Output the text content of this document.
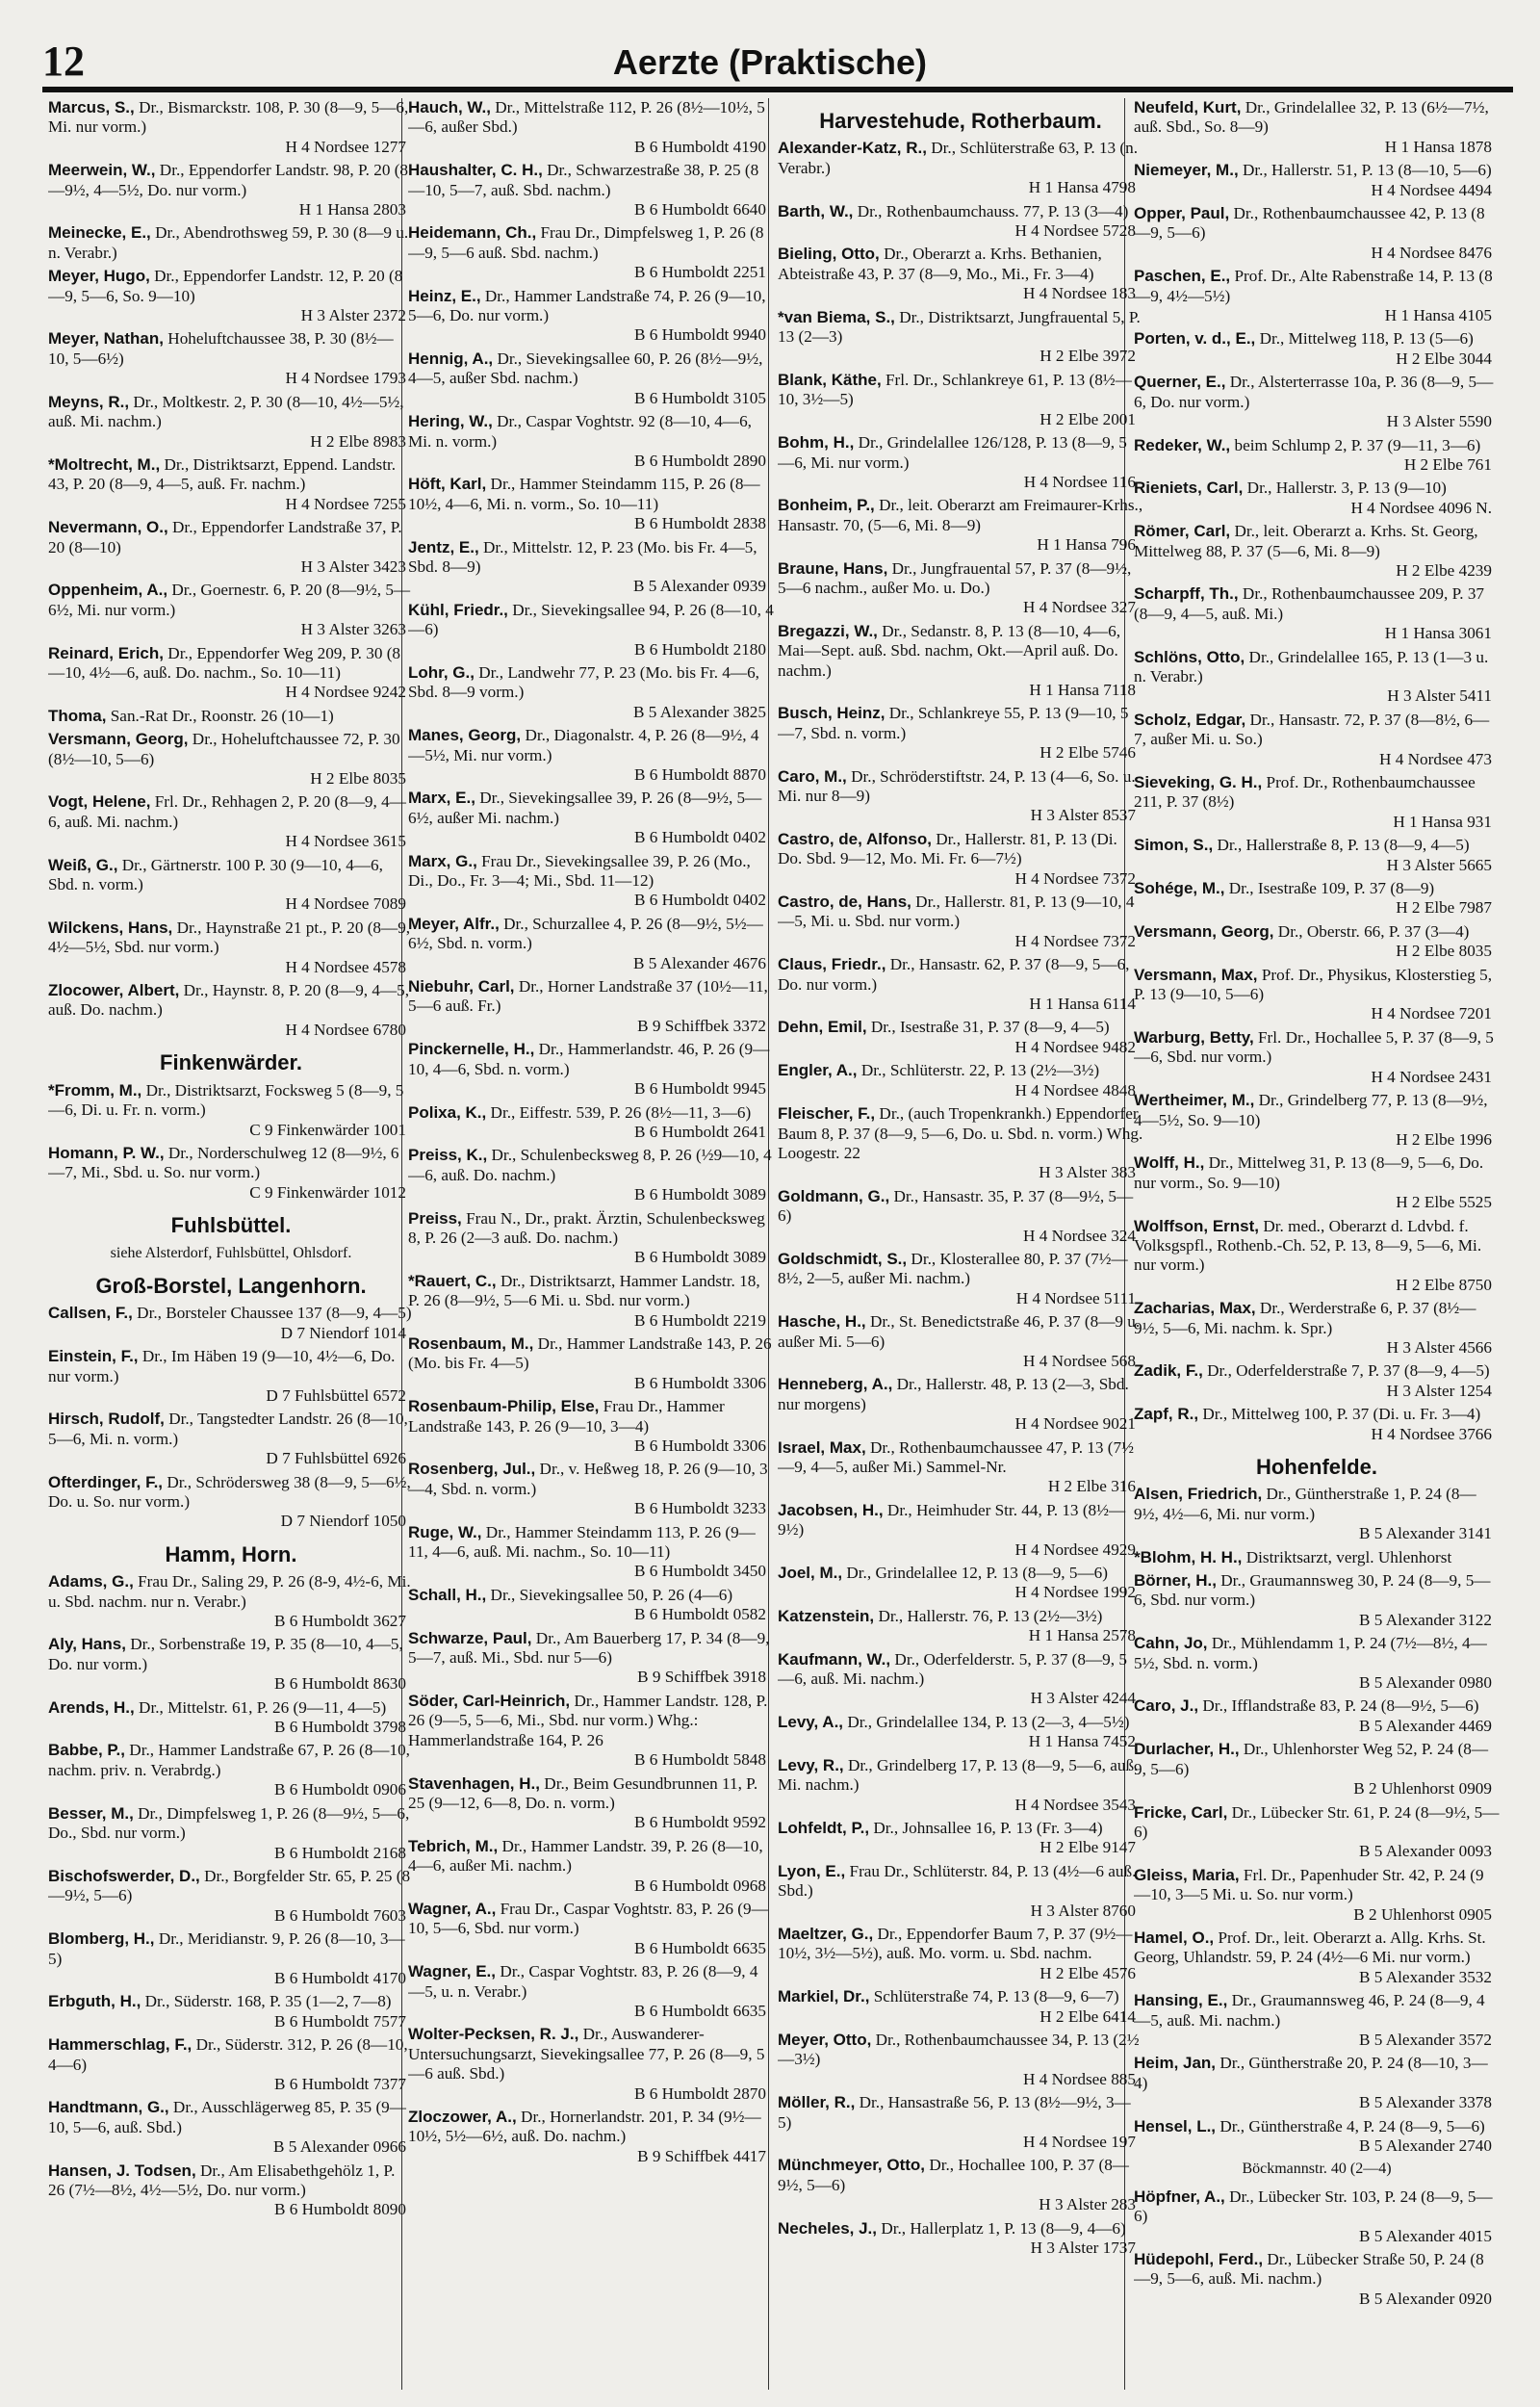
12	Aerzte (Praktische)
Marcus, S., Dr., Bismarckstr. 108, P. 30 (8—9, 5—6, Mi. nur vorm.)
H 4 Nordsee 1277
Meerwein, W., Dr., Eppendorfer Landstr. 98, P. 20 (8—9½, 4—5½, Do. nur vorm.)
H 1 Hansa 2803
Meinecke, E., Dr., Abendrothsweg 59, P. 30 (8—9 u. n. Verabr.)
Meyer, Hugo, Dr., Eppendorfer Landstr. 12, P. 20 (8—9, 5—6, So. 9—10)
H 3 Alster 2372
Meyer, Nathan, Hoheluftchaussee 38, P. 30 (8½—10, 5—6½)
H 4 Nordsee 1793
Meyns, R., Dr., Moltkestr. 2, P. 30 (8—10, 4½—5½, auß. Mi. nachm.)
H 2 Elbe 8983
*Moltrecht, M., Dr., Distriktsarzt, Eppend. Landstr. 43, P. 20 (8—9, 4—5, auß. Fr. nachm.)
H 4 Nordsee 7255
Nevermann, O., Dr., Eppendorfer Landstraße 37, P. 20 (8—10)
H 3 Alster 3423
Oppenheim, A., Dr., Goernestr. 6, P. 20 (8—9½, 5—6½, Mi. nur vorm.)
H 3 Alster 3263
Reinard, Erich, Dr., Eppendorfer Weg 209, P. 30 (8—10, 4½—6, auß. Do. nachm., So. 10—11)
H 4 Nordsee 9242
Thoma, San.-Rat Dr., Roonstr. 26 (10—1)
Versmann, Georg, Dr., Hoheluftchaussee 72, P. 30 (8½—10, 5—6)
H 2 Elbe 8035
Vogt, Helene, Frl. Dr., Rehhagen 2, P. 20 (8—9, 4—6, auß. Mi. nachm.)
H 4 Nordsee 3615
Weiß, G., Dr., Gärtnerstr. 100 P. 30 (9—10, 4—6, Sbd. n. vorm.)
H 4 Nordsee 7089
Wilckens, Hans, Dr., Haynstraße 21 pt., P. 20 (8—9, 4½—5½, Sbd. nur vorm.)
H 4 Nordsee 4578
Zlocower, Albert, Dr., Haynstr. 8, P. 20 (8—9, 4—5, auß. Do. nachm.)
H 4 Nordsee 6780
Finkenwärder.
*Fromm, M., Dr., Distriktsarzt, Focksweg 5 (8—9, 5—6, Di. u. Fr. n. vorm.)
C 9 Finkenwärder 1001
Homann, P. W., Dr., Norderschulweg 12 (8—9½, 6—7, Mi., Sbd. u. So. nur vorm.)
C 9 Finkenwärder 1012
Fuhlsbüttel.
siehe Alsterdorf, Fuhlsbüttel, Ohlsdorf.
Groß-Borstel, Langenhorn.
Callsen, F., Dr., Borsteler Chaussee 137 (8—9, 4—5)
D 7 Niendorf 1014
Einstein, F., Dr., Im Häben 19 (9—10, 4½—6, Do. nur vorm.)
D 7 Fuhlsbüttel 6572
Hirsch, Rudolf, Dr., Tangstedter Landstr. 26 (8—10, 5—6, Mi. n. vorm.)
D 7 Fuhlsbüttel 6926
Ofterdinger, F., Dr., Schrödersweg 38 (8—9, 5—6½, Do. u. So. nur vorm.)
D 7 Niendorf 1050
Hamm, Horn.
Adams, G., Frau Dr., Saling 29, P. 26 (8-9, 4½-6, Mi. u. Sbd. nachm. nur n. Verabr.)
B 6 Humboldt 3627
Aly, Hans, Dr., Sorbenstraße 19, P. 35 (8—10, 4—5, Do. nur vorm.)
B 6 Humboldt 8630
Arends, H., Dr., Mittelstr. 61, P. 26 (9—11, 4—5)
B 6 Humboldt 3798
Babbe, P., Dr., Hammer Landstraße 67, P. 26 (8—10, nachm. priv. n. Verabrdg.)
B 6 Humboldt 0906
Besser, M., Dr., Dimpfelsweg 1, P. 26 (8—9½, 5—6, Do., Sbd. nur vorm.)
B 6 Humboldt 2168
Bischofswerder, D., Dr., Borgfelder Str. 65, P. 25 (8—9½, 5—6)
B 6 Humboldt 7603
Blomberg, H., Dr., Meridianstr. 9, P. 26 (8—10, 3—5)
B 6 Humboldt 4170
Erbguth, H., Dr., Süderstr. 168, P. 35 (1—2, 7—8)
B 6 Humboldt 7577
Hammerschlag, F., Dr., Süderstr. 312, P. 26 (8—10, 4—6)
B 6 Humboldt 7377
Handtmann, G., Dr., Ausschlägerweg 85, P. 35 (9—10, 5—6, auß. Sbd.)
B 5 Alexander 0966
Hansen, J. Todsen, Dr., Am Elisabethgehölz 1, P. 26 (7½—8½, 4½—5½, Do. nur vorm.)
B 6 Humboldt 8090
Hauch, W., Dr., Mittelstraße 112, P. 26 (8½—10½, 5—6, außer Sbd.)
B 6 Humboldt 4190
Haushalter, C. H., Dr., Schwarzestraße 38, P. 25 (8—10, 5—7, auß. Sbd. nachm.)
B 6 Humboldt 6640
Heidemann, Ch., Frau Dr., Dimpfelsweg 1, P. 26 (8—9, 5—6 auß. Sbd. nachm.)
B 6 Humboldt 2251
Heinz, E., Dr., Hammer Landstraße 74, P. 26 (9—10, 5—6, Do. nur vorm.)
B 6 Humboldt 9940
Hennig, A., Dr., Sievekingsallee 60, P. 26 (8½—9½, 4—5, außer Sbd. nachm.)
B 6 Humboldt 3105
Hering, W., Dr., Caspar Voghtstr. 92 (8—10, 4—6, Mi. n. vorm.)
B 6 Humboldt 2890
Höft, Karl, Dr., Hammer Steindamm 115, P. 26 (8—10½, 4—6, Mi. n. vorm., So. 10—11)
B 6 Humboldt 2838
Jentz, E., Dr., Mittelstr. 12, P. 23 (Mo. bis Fr. 4—5, Sbd. 8—9)
B 5 Alexander 0939
Kühl, Friedr., Dr., Sievekingsallee 94, P. 26 (8—10, 4—6)
B 6 Humboldt 2180
Lohr, G., Dr., Landwehr 77, P. 23 (Mo. bis Fr. 4—6, Sbd. 8—9 vorm.)
B 5 Alexander 3825
Manes, Georg, Dr., Diagonalstr. 4, P. 26 (8—9½, 4—5½, Mi. nur vorm.)
B 6 Humboldt 8870
Marx, E., Dr., Sievekingsallee 39, P. 26 (8—9½, 5—6½, außer Mi. nachm.)
B 6 Humboldt 0402
Marx, G., Frau Dr., Sievekingsallee 39, P. 26 (Mo., Di., Do., Fr. 3—4; Mi., Sbd. 11—12)
B 6 Humboldt 0402
Meyer, Alfr., Dr., Schurzallee 4, P. 26 (8—9½, 5½—6½, Sbd. n. vorm.)
B 5 Alexander 4676
Niebuhr, Carl, Dr., Horner Landstraße 37 (10½—11, 5—6 auß. Fr.)
B 9 Schiffbek 3372
Pinckernelle, H., Dr., Hammerlandstr. 46, P. 26 (9—10, 4—6, Sbd. n. vorm.)
B 6 Humboldt 9945
Polixa, K., Dr., Eiffestr. 539, P. 26 (8½—11, 3—6)
B 6 Humboldt 2641
Preiss, K., Dr., Schulenbecksweg 8, P. 26 (½9—10, 4—6, auß. Do. nachm.)
B 6 Humboldt 3089
Preiss, Frau N., Dr., prakt. Ärztin, Schulenbecksweg 8, P. 26 (2—3 auß. Do. nachm.)
B 6 Humboldt 3089
*Rauert, C., Dr., Distriktsarzt, Hammer Landstr. 18, P. 26 (8—9½, 5—6 Mi. u. Sbd. nur vorm.)
B 6 Humboldt 2219
Rosenbaum, M., Dr., Hammer Landstraße 143, P. 26 (Mo. bis Fr. 4—5)
B 6 Humboldt 3306
Rosenbaum-Philip, Else, Frau Dr., Hammer Landstraße 143, P. 26 (9—10, 3—4)
B 6 Humboldt 3306
Rosenberg, Jul., Dr., v. Heßweg 18, P. 26 (9—10, 3—4, Sbd. n. vorm.)
B 6 Humboldt 3233
Ruge, W., Dr., Hammer Steindamm 113, P. 26 (9—11, 4—6, auß. Mi. nachm., So. 10—11)
B 6 Humboldt 3450
Schall, H., Dr., Sievekingsallee 50, P. 26 (4—6)
B 6 Humboldt 0582
Schwarze, Paul, Dr., Am Bauerberg 17, P. 34 (8—9, 5—7, auß. Mi., Sbd. nur 5—6)
B 9 Schiffbek 3918
Söder, Carl-Heinrich, Dr., Hammer Landstr. 128, P. 26 (9—5, 5—6, Mi., Sbd. nur vorm.) Whg.: Hammerlandstraße 164, P. 26
B 6 Humboldt 5848
Stavenhagen, H., Dr., Beim Gesundbrunnen 11, P. 25 (9—12, 6—8, Do. n. vorm.)
B 6 Humboldt 9592
Tebrich, M., Dr., Hammer Landstr. 39, P. 26 (8—10, 4—6, außer Mi. nachm.)
B 6 Humboldt 0968
Wagner, A., Frau Dr., Caspar Voghtstr. 83, P. 26 (9—10, 5—6, Sbd. nur vorm.)
B 6 Humboldt 6635
Wagner, E., Dr., Caspar Voghtstr. 83, P. 26 (8—9, 4—5, u. n. Verabr.)
B 6 Humboldt 6635
Wolter-Pecksen, R. J., Dr., Auswanderer-Untersuchungsarzt, Sievekingsallee 77, P. 26 (8—9, 5—6 auß. Sbd.)
B 6 Humboldt 2870
Zloczower, A., Dr., Hornerlandstr. 201, P. 34 (9½—10½, 5½—6½, auß. Do. nachm.)
B 9 Schiffbek 4417
Harvestehude, Rotherbaum.
Alexander-Katz, R., Dr., Schlüterstraße 63, P. 13 (n. Verabr.)
H 1 Hansa 4798
Barth, W., Dr., Rothenbaumchauss. 77, P. 13 (3—4)
H 4 Nordsee 5728
Bieling, Otto, Dr., Oberarzt a. Krhs. Bethanien, Abteistraße 43, P. 37 (8—9, Mo., Mi., Fr. 3—4)
H 4 Nordsee 183
*van Biema, S., Dr., Distriktsarzt, Jungfrauental 5, P. 13 (2—3)
H 2 Elbe 3972
Blank, Käthe, Frl. Dr., Schlankreye 61, P. 13 (8½—10, 3½—5)
H 2 Elbe 2001
Bohm, H., Dr., Grindelallee 126/128, P. 13 (8—9, 5—6, Mi. nur vorm.)
H 4 Nordsee 116
Bonheim, P., Dr., leit. Oberarzt am Freimaurer-Krhs., Hansastr. 70, (5—6, Mi. 8—9)
H 1 Hansa 796
Braune, Hans, Dr., Jungfrauental 57, P. 37 (8—9½, 5—6 nachm., außer Mo. u. Do.)
H 4 Nordsee 327
Bregazzi, W., Dr., Sedanstr. 8, P. 13 (8—10, 4—6, Mai—Sept. auß. Sbd. nachm, Okt.—April auß. Do. nachm.)
H 1 Hansa 7118
Busch, Heinz, Dr., Schlankreye 55, P. 13 (9—10, 5—7, Sbd. n. vorm.)
H 2 Elbe 5746
Caro, M., Dr., Schröderstiftstr. 24, P. 13 (4—6, So. u. Mi. nur 8—9)
H 3 Alster 8537
Castro, de, Alfonso, Dr., Hallerstr. 81, P. 13 (Di. Do. Sbd. 9—12, Mo. Mi. Fr. 6—7½)
H 4 Nordsee 7372
Castro, de, Hans, Dr., Hallerstr. 81, P. 13 (9—10, 4—5, Mi. u. Sbd. nur vorm.)
H 4 Nordsee 7372
Claus, Friedr., Dr., Hansastr. 62, P. 37 (8—9, 5—6, Do. nur vorm.)
H 1 Hansa 6114
Dehn, Emil, Dr., Isestraße 31, P. 37 (8—9, 4—5)
H 4 Nordsee 9482
Engler, A., Dr., Schlüterstr. 22, P. 13 (2½—3½)
H 4 Nordsee 4848
Fleischer, F., Dr., (auch Tropenkrankh.) Eppendorfer Baum 8, P. 37 (8—9, 5—6, Do. u. Sbd. n. vorm.) Whg. Loogestr. 22
H 3 Alster 383
Goldmann, G., Dr., Hansastr. 35, P. 37 (8—9½, 5—6)
H 4 Nordsee 324
Goldschmidt, S., Dr., Klosterallee 80, P. 37 (7½—8½, 2—5, außer Mi. nachm.)
H 4 Nordsee 5111
Hasche, H., Dr., St. Benedictstraße 46, P. 37 (8—9 u. außer Mi. 5—6)
H 4 Nordsee 568
Henneberg, A., Dr., Hallerstr. 48, P. 13 (2—3, Sbd. nur morgens)
H 4 Nordsee 9021
Israel, Max, Dr., Rothenbaumchaussee 47, P. 13 (7½—9, 4—5, außer Mi.) Sammel-Nr.
H 2 Elbe 316
Jacobsen, H., Dr., Heimhuder Str. 44, P. 13 (8½—9½)
H 4 Nordsee 4929
Joel, M., Dr., Grindelallee 12, P. 13 (8—9, 5—6)
H 4 Nordsee 1992
Katzenstein, Dr., Hallerstr. 76, P. 13 (2½—3½)
H 1 Hansa 2578
Kaufmann, W., Dr., Oderfelderstr. 5, P. 37 (8—9, 5—6, auß. Mi. nachm.)
H 3 Alster 4244
Levy, A., Dr., Grindelallee 134, P. 13 (2—3, 4—5½)
H 1 Hansa 7452
Levy, R., Dr., Grindelberg 17, P. 13 (8—9, 5—6, auß. Mi. nachm.)
H 4 Nordsee 3543
Lohfeldt, P., Dr., Johnsallee 16, P. 13 (Fr. 3—4)
H 2 Elbe 9147
Lyon, E., Frau Dr., Schlüterstr. 84, P. 13 (4½—6 auß. Sbd.)
H 3 Alster 8760
Maeltzer, G., Dr., Eppendorfer Baum 7, P. 37 (9½—10½, 3½—5½), auß. Mo. vorm. u. Sbd. nachm.
H 2 Elbe 4576
Markiel, Dr., Schlüterstraße 74, P. 13 (8—9, 6—7)
H 2 Elbe 6414
Meyer, Otto, Dr., Rothenbaumchaussee 34, P. 13 (2½—3½)
H 4 Nordsee 885
Möller, R., Dr., Hansastraße 56, P. 13 (8½—9½, 3—5)
H 4 Nordsee 197
Münchmeyer, Otto, Dr., Hochallee 100, P. 37 (8—9½, 5—6)
H 3 Alster 283
Necheles, J., Dr., Hallerplatz 1, P. 13 (8—9, 4—6)
H 3 Alster 1737
Neufeld, Kurt, Dr., Grindelallee 32, P. 13 (6½—7½, auß. Sbd., So. 8—9)
H 1 Hansa 1878
Niemeyer, M., Dr., Hallerstr. 51, P. 13 (8—10, 5—6)
H 4 Nordsee 4494
Opper, Paul, Dr., Rothenbaumchaussee 42, P. 13 (8—9, 5—6)
H 4 Nordsee 8476
Paschen, E., Prof. Dr., Alte Rabenstraße 14, P. 13 (8—9, 4½—5½)
H 1 Hansa 4105
Porten, v. d., E., Dr., Mittelweg 118, P. 13 (5—6)
H 2 Elbe 3044
Querner, E., Dr., Alsterterrasse 10a, P. 36 (8—9, 5—6, Do. nur vorm.)
H 3 Alster 5590
Redeker, W., beim Schlump 2, P. 37 (9—11, 3—6)
H 2 Elbe 761
Rieniets, Carl, Dr., Hallerstr. 3, P. 13 (9—10)
H 4 Nordsee 4096 N.
Römer, Carl, Dr., leit. Oberarzt a. Krhs. St. Georg, Mittelweg 88, P. 37 (5—6, Mi. 8—9)
H 2 Elbe 4239
Scharpff, Th., Dr., Rothenbaumchaussee 209, P. 37 (8—9, 4—5, auß. Mi.)
H 1 Hansa 3061
Schlöns, Otto, Dr., Grindelallee 165, P. 13 (1—3 u. n. Verabr.)
H 3 Alster 5411
Scholz, Edgar, Dr., Hansastr. 72, P. 37 (8—8½, 6—7, außer Mi. u. So.)
H 4 Nordsee 473
Sieveking, G. H., Prof. Dr., Rothenbaumchaussee 211, P. 37 (8½)
H 1 Hansa 931
Simon, S., Dr., Hallerstraße 8, P. 13 (8—9, 4—5)
H 3 Alster 5665
Sohége, M., Dr., Isestraße 109, P. 37 (8—9)
H 2 Elbe 7987
Versmann, Georg, Dr., Oberstr. 66, P. 37 (3—4)
H 2 Elbe 8035
Versmann, Max, Prof. Dr., Physikus, Klosterstieg 5, P. 13 (9—10, 5—6)
H 4 Nordsee 7201
Warburg, Betty, Frl. Dr., Hochallee 5, P. 37 (8—9, 5—6, Sbd. nur vorm.)
H 4 Nordsee 2431
Wertheimer, M., Dr., Grindelberg 77, P. 13 (8—9½, 4—5½, So. 9—10)
H 2 Elbe 1996
Wolff, H., Dr., Mittelweg 31, P. 13 (8—9, 5—6, Do. nur vorm., So. 9—10)
H 2 Elbe 5525
Wolffson, Ernst, Dr. med., Oberarzt d. Ldvbd. f. Volksgspfl., Rothenb.-Ch. 52, P. 13, 8—9, 5—6, Mi. nur vorm.)
H 2 Elbe 8750
Zacharias, Max, Dr., Werderstraße 6, P. 37 (8½—9½, 5—6, Mi. nachm. k. Spr.)
H 3 Alster 4566
Zadik, F., Dr., Oderfelderstraße 7, P. 37 (8—9, 4—5)
H 3 Alster 1254
Zapf, R., Dr., Mittelweg 100, P. 37 (Di. u. Fr. 3—4)
H 4 Nordsee 3766
Hohenfelde.
Alsen, Friedrich, Dr., Güntherstraße 1, P. 24 (8—9½, 4½—6, Mi. nur vorm.)
B 5 Alexander 3141
*Blohm, H. H., Distriktsarzt, vergl. Uhlenhorst
Börner, H., Dr., Graumannsweg 30, P. 24 (8—9, 5—6, Sbd. nur vorm.)
B 5 Alexander 3122
Cahn, Jo, Dr., Mühlendamm 1, P. 24 (7½—8½, 4—5½, Sbd. n. vorm.)
B 5 Alexander 0980
Caro, J., Dr., Ifflandstraße 83, P. 24 (8—9½, 5—6)
B 5 Alexander 4469
Durlacher, H., Dr., Uhlenhorster Weg 52, P. 24 (8—9, 5—6)
B 2 Uhlenhorst 0909
Fricke, Carl, Dr., Lübecker Str. 61, P. 24 (8—9½, 5—6)
B 5 Alexander 0093
Gleiss, Maria, Frl. Dr., Papenhuder Str. 42, P. 24 (9—10, 3—5 Mi. u. So. nur vorm.)
B 2 Uhlenhorst 0905
Hamel, O., Prof. Dr., leit. Oberarzt a. Allg. Krhs. St. Georg, Uhlandstr. 59, P. 24 (4½—6 Mi. nur vorm.)
B 5 Alexander 3532
Hansing, E., Dr., Graumannsweg 46, P. 24 (8—9, 4—5, auß. Mi. nachm.)
B 5 Alexander 3572
Heim, Jan, Dr., Güntherstraße 20, P. 24 (8—10, 3—4)
B 5 Alexander 3378
Hensel, L., Dr., Güntherstraße 4, P. 24 (8—9, 5—6)
B 5 Alexander 2740
Böckmannstr. 40 (2—4)
Höpfner, A., Dr., Lübecker Str. 103, P. 24 (8—9, 5—6)
B 5 Alexander 4015
Hüdepohl, Ferd., Dr., Lübecker Straße 50, P. 24 (8—9, 5—6, auß. Mi. nachm.)
B 5 Alexander 0920
